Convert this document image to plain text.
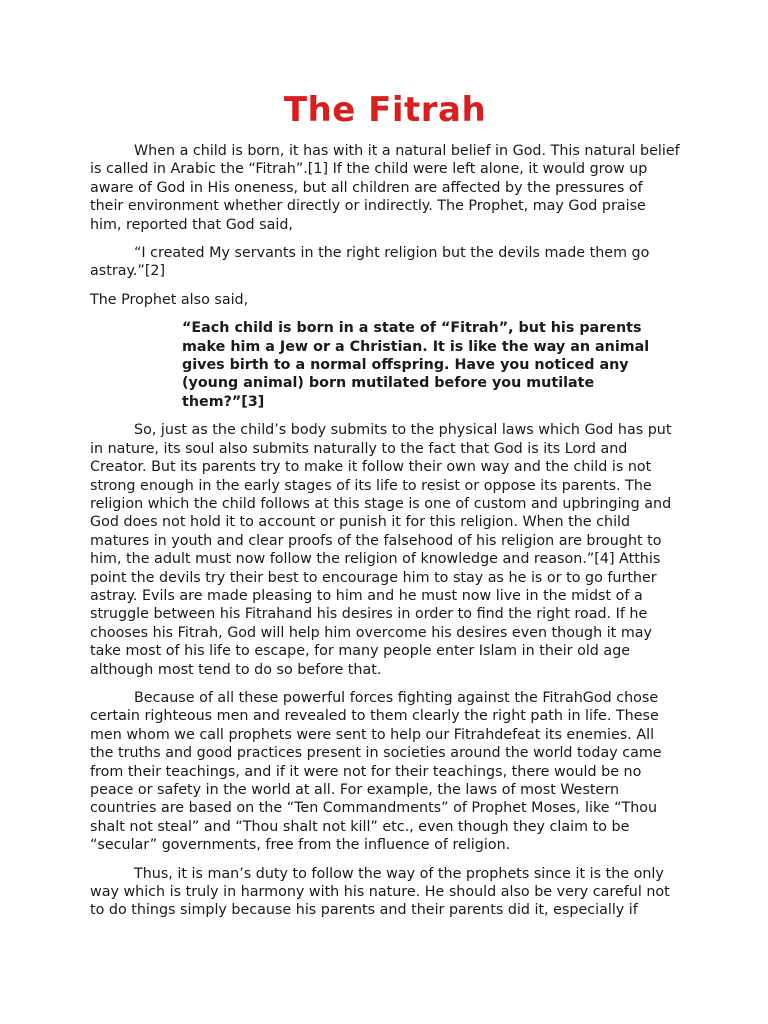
The Fitrah

When a child is born, it has with it a natural belief in God. This natural belief is called in Arabic the “Fitrah”.[1] If the child were left alone, it would grow up aware of God in His oneness, but all children are affected by the pressures of their environment whether directly or indirectly. The Prophet, may God praise him, reported that God said,

“I created My servants in the right religion but the devils made them go astray.”[2]

The Prophet also said,

“Each child is born in a state of “Fitrah”, but his parents make him a Jew or a Christian. It is like the way an animal gives birth to a normal offspring. Have you noticed any (young animal) born mutilated before you mutilate them?”[3]

So, just as the child’s body submits to the physical laws which God has put in nature, its soul also submits naturally to the fact that God is its Lord and Creator. But its parents try to make it follow their own way and the child is not strong enough in the early stages of its life to resist or oppose its parents. The religion which the child follows at this stage is one of custom and upbringing and God does not hold it to account or punish it for this religion. When the child matures in youth and clear proofs of the falsehood of his religion are brought to him, the adult must now follow the religion of knowledge and reason.”[4] Atthis point the devils try their best to encourage him to stay as he is or to go further astray. Evils are made pleasing to him and he must now live in the midst of a struggle between his Fitrahand his desires in order to find the right road. If he chooses his Fitrah, God will help him overcome his desires even though it may take most of his life to escape, for many people enter Islam in their old age although most tend to do so before that.

Because of all these powerful forces fighting against the FitrahGod chose certain righteous men and revealed to them clearly the right path in life. These men whom we call prophets were sent to help our Fitrahdefeat its enemies. All the truths and good practices present in societies around the world today came from their teachings, and if it were not for their teachings, there would be no peace or safety in the world at all. For example, the laws of most Western countries are based on the “Ten Commandments” of Prophet Moses, like “Thou shalt not steal” and “Thou shalt not kill” etc., even though they claim to be “secular” governments, free from the influence of religion.

Thus, it is man’s duty to follow the way of the prophets since it is the only way which is truly in harmony with his nature. He should also be very careful not to do things simply because his parents and their parents did it, especially if
